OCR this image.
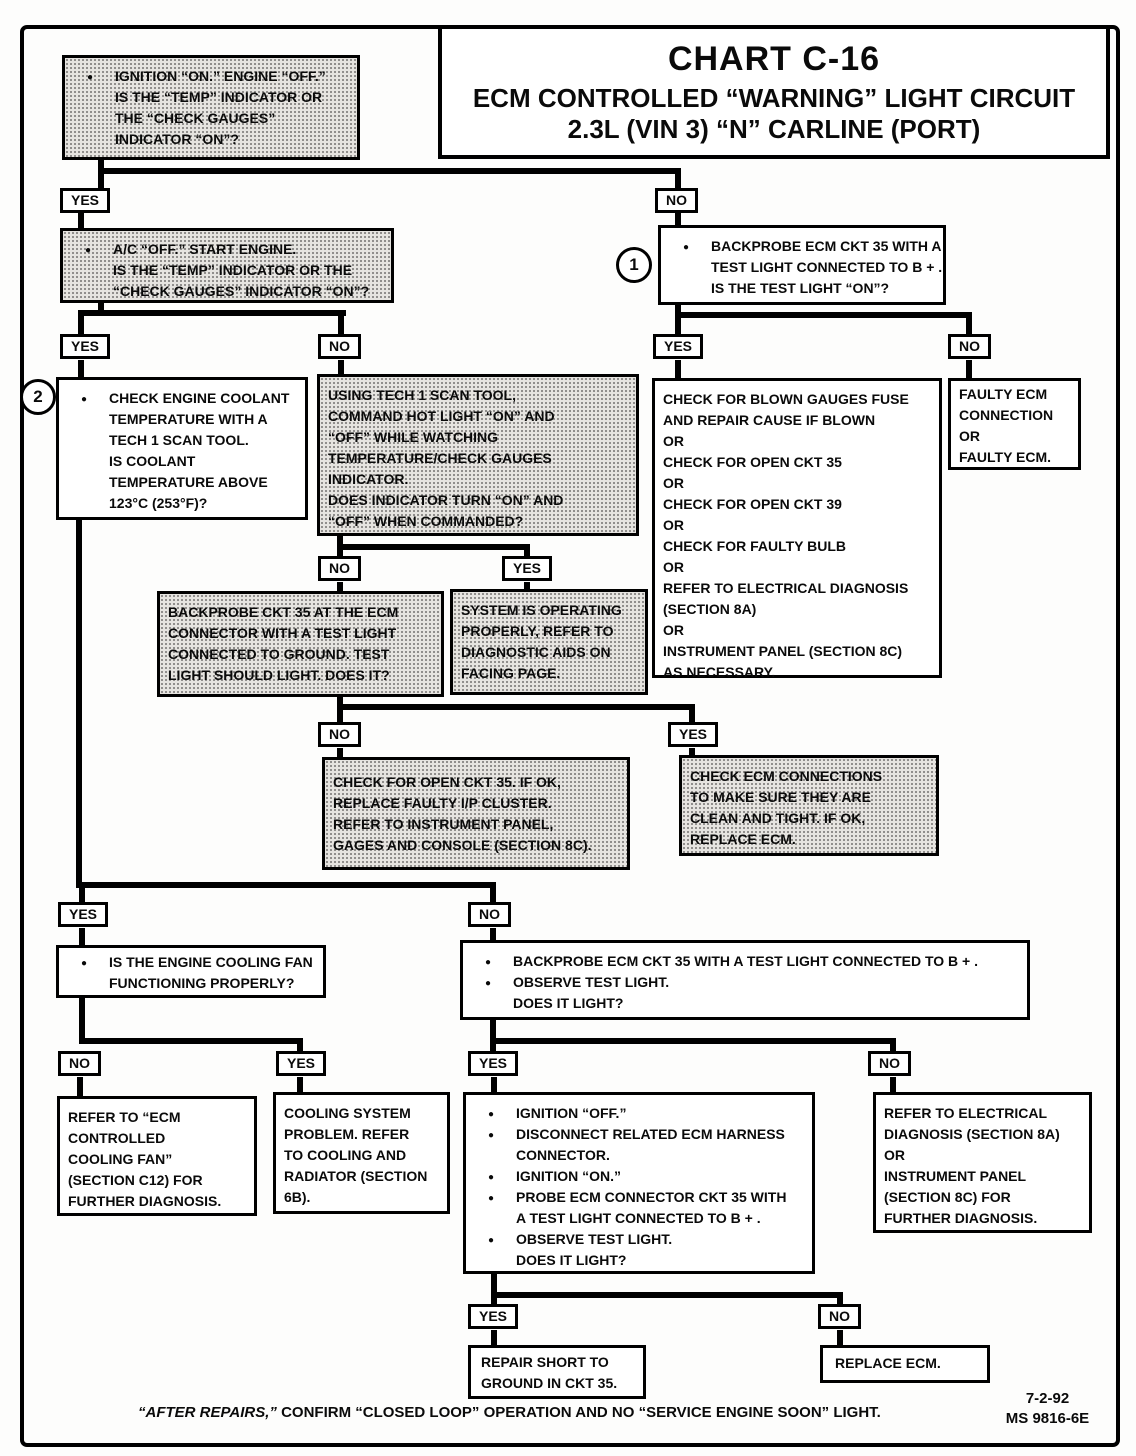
CHART C-16
ECM CONTROLLED “WARNING” LIGHT CIRCUIT
2.3L (VIN 3) “N” CARLINE (PORT)
YES	NO
YES	NO	YES	NO
NO	YES
NO	YES
YES	NO
NO	YES	YES	NO
YES	NO
1
2
● IGNITION “ON.” ENGINE “OFF.”
IS THE “TEMP” INDICATOR OR
THE “CHECK GAUGES”
INDICATOR “ON”?
● A/C “OFF.” START ENGINE.
IS THE “TEMP” INDICATOR OR THE
“CHECK GAUGES” INDICATOR “ON”?
● BACKPROBE ECM CKT 35 WITH A
TEST LIGHT CONNECTED TO B + .
IS THE TEST LIGHT “ON”?
● CHECK ENGINE COOLANT
TEMPERATURE WITH A
TECH 1 SCAN TOOL.
IS COOLANT
TEMPERATURE ABOVE
123°C (253°F)?
USING TECH 1 SCAN TOOL,
COMMAND HOT LIGHT “ON” AND
“OFF” WHILE WATCHING
TEMPERATURE/CHECK GAUGES
INDICATOR.
DOES INDICATOR TURN “ON” AND
“OFF” WHEN COMMANDED?
CHECK FOR BLOWN GAUGES FUSE
AND REPAIR CAUSE IF BLOWN
OR
CHECK FOR OPEN CKT 35
OR
CHECK FOR OPEN CKT 39
OR
CHECK FOR FAULTY BULB
OR
REFER TO ELECTRICAL DIAGNOSIS
(SECTION 8A)
OR
INSTRUMENT PANEL (SECTION 8C)
AS NECESSARY.
FAULTY ECM
CONNECTION
OR
FAULTY ECM.
BACKPROBE CKT 35 AT THE ECM
CONNECTOR WITH A TEST LIGHT
CONNECTED TO GROUND. TEST
LIGHT SHOULD LIGHT. DOES IT?
SYSTEM IS OPERATING
PROPERLY, REFER TO
DIAGNOSTIC AIDS ON
FACING PAGE.
CHECK FOR OPEN CKT 35. IF OK,
REPLACE FAULTY I/P CLUSTER.
REFER TO INSTRUMENT PANEL,
GAGES AND CONSOLE (SECTION 8C).
CHECK ECM CONNECTIONS
TO MAKE SURE THEY ARE
CLEAN AND TIGHT. IF OK,
REPLACE ECM.
● IS THE ENGINE COOLING FAN
FUNCTIONING PROPERLY?
● BACKPROBE ECM CKT 35 WITH A TEST LIGHT CONNECTED TO B + .
● OBSERVE TEST LIGHT.
DOES IT LIGHT?
REFER TO “ECM
CONTROLLED
COOLING FAN”
(SECTION C12) FOR
FURTHER DIAGNOSIS.
COOLING SYSTEM
PROBLEM. REFER
TO COOLING AND
RADIATOR (SECTION
6B).
● IGNITION “OFF.”
● DISCONNECT RELATED ECM HARNESS
CONNECTOR.
● IGNITION “ON.”
● PROBE ECM CONNECTOR CKT 35 WITH
A TEST LIGHT CONNECTED TO B + .
● OBSERVE TEST LIGHT.
DOES IT LIGHT?
REFER TO ELECTRICAL
DIAGNOSIS (SECTION 8A)
OR
INSTRUMENT PANEL
(SECTION 8C) FOR
FURTHER DIAGNOSIS.
REPAIR SHORT TO
GROUND IN CKT 35.
REPLACE ECM.
“AFTER REPAIRS,” CONFIRM “CLOSED LOOP” OPERATION AND NO “SERVICE ENGINE SOON” LIGHT.
7-2-92
MS 9816-6E
